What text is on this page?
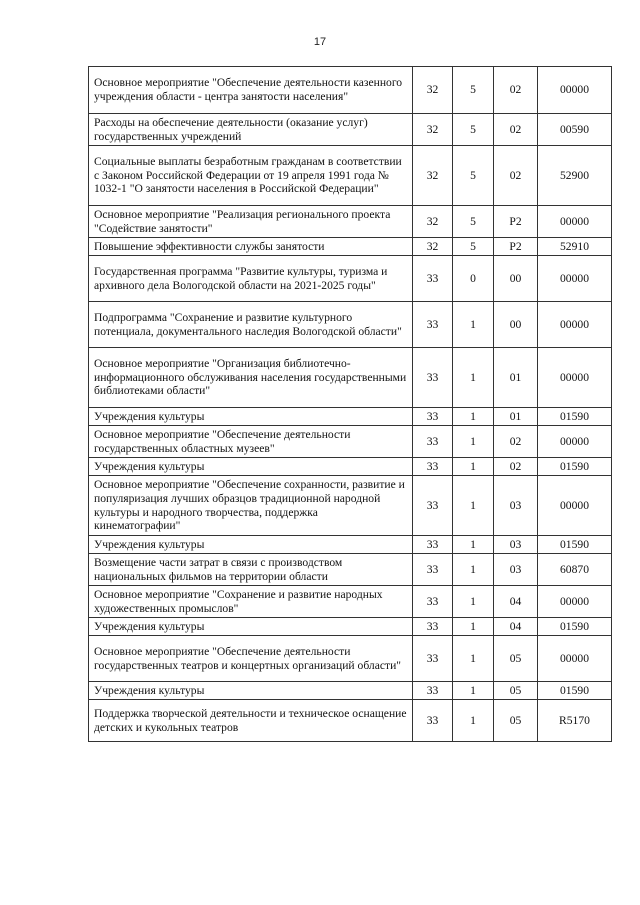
17
Основное мероприятие "Обеспечение деятельности казенного учреждения области - центра занятости населения"	32	5	02	00000
Расходы на обеспечение деятельности (оказание услуг) государственных учреждений	32	5	02	00590
Социальные выплаты безработным гражданам в соответствии с Законом Российской Федерации от 19 апреля 1991 года № 1032-1 "О занятости населения в Российской Федерации"	32	5	02	52900
Основное мероприятие "Реализация регионального проекта "Содействие занятости"	32	5	P2	00000
Повышение эффективности службы занятости	32	5	P2	52910
Государственная программа "Развитие культуры, туризма и архивного дела Вологодской области на 2021-2025 годы"	33	0	00	00000
Подпрограмма "Сохранение и развитие культурного потенциала, документального наследия Вологодской области"	33	1	00	00000
Основное мероприятие "Организация библиотечно-информационного обслуживания населения государственными библиотеками области"	33	1	01	00000
Учреждения культуры	33	1	01	01590
Основное мероприятие "Обеспечение деятельности государственных областных музеев"	33	1	02	00000
Учреждения культуры	33	1	02	01590
Основное мероприятие "Обеспечение сохранности, развитие и популяризация лучших образцов традиционной народной культуры и народного творчества, поддержка кинематографии"	33	1	03	00000
Учреждения культуры	33	1	03	01590
Возмещение части затрат в связи с производством национальных фильмов на территории области	33	1	03	60870
Основное мероприятие "Сохранение и развитие народных художественных промыслов"	33	1	04	00000
Учреждения культуры	33	1	04	01590
Основное мероприятие "Обеспечение деятельности государственных театров и концертных организаций области"	33	1	05	00000
Учреждения культуры	33	1	05	01590
Поддержка творческой деятельности и техническое оснащение детских и кукольных театров	33	1	05	R5170
